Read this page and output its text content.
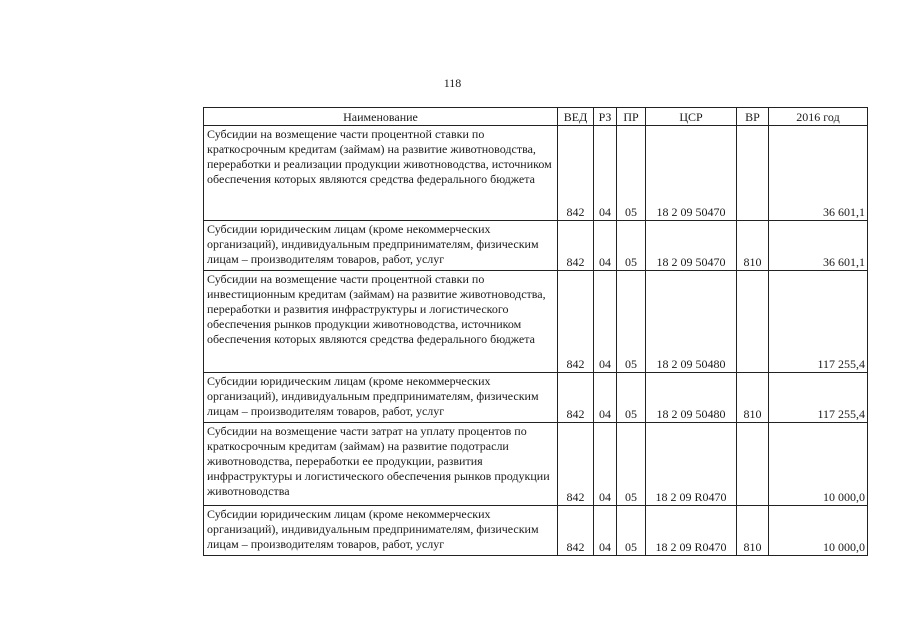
118
Наименование	ВЕД	РЗ	ПР	ЦСР	ВР	2016 год
Субсидии на возмещение части процентной ставки по краткосрочным кредитам (займам) на развитие животноводства, переработки и реализации продукции животноводства, источником обеспечения которых являются средства федерального бюджета	842	04	05	18 2 09 50470		36 601,1
Субсидии юридическим лицам (кроме некоммерческих организаций), индивидуальным предпринимателям, физическим лицам – производителям товаров, работ, услуг	842	04	05	18 2 09 50470	810	36 601,1
Субсидии на возмещение части процентной ставки по инвестиционным кредитам (займам) на развитие животноводства, переработки и развития инфраструктуры и логистического обеспечения рынков продукции животноводства, источником обеспечения которых являются средства федерального бюджета	842	04	05	18 2 09 50480		117 255,4
Субсидии юридическим лицам (кроме некоммерческих организаций), индивидуальным предпринимателям, физическим лицам – производителям товаров, работ, услуг	842	04	05	18 2 09 50480	810	117 255,4
Субсидии на возмещение части затрат на уплату процентов по краткосрочным кредитам (займам) на развитие подотрасли животноводства, переработки ее продукции, развития инфраструктуры и логистического обеспечения рынков продукции животноводства	842	04	05	18 2 09 R0470		10 000,0
Субсидии юридическим лицам (кроме некоммерческих организаций), индивидуальным предпринимателям, физическим лицам – производителям товаров, работ, услуг	842	04	05	18 2 09 R0470	810	10 000,0
